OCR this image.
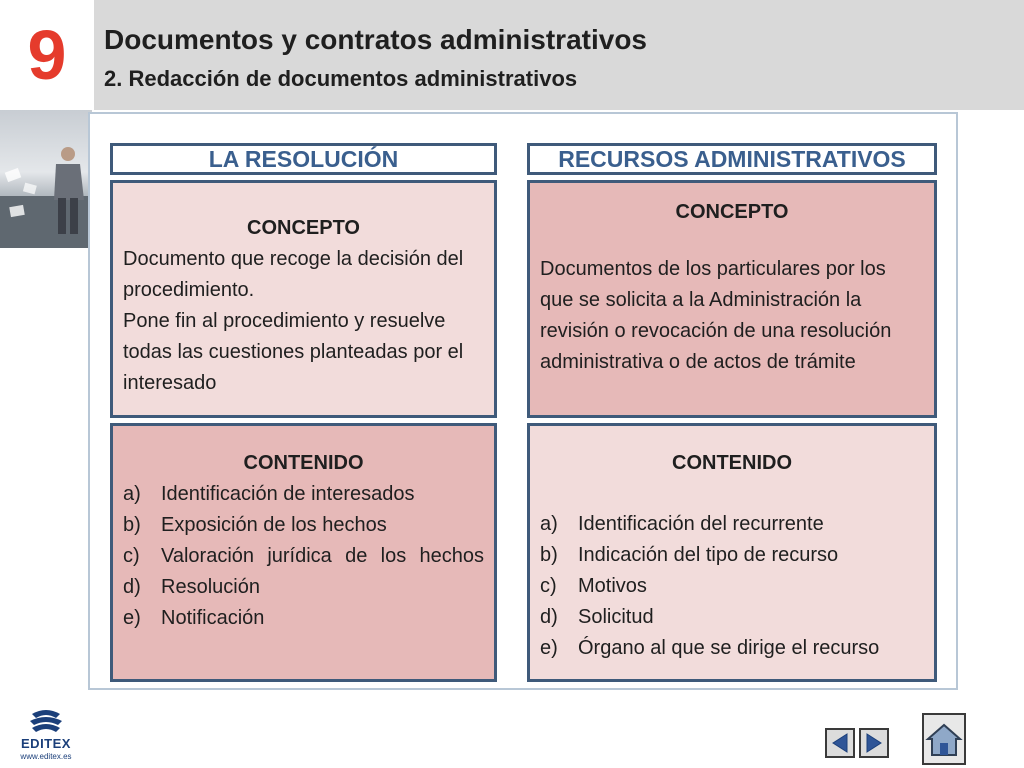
9	Documentos y contratos administrativos
2. Redacción de documentos administrativos
LA RESOLUCIÓN
CONCEPTO

Documento que recoge la decisión del procedimiento.

Pone fin al procedimiento y resuelve todas las cuestiones planteadas por el interesado

CONTENIDO
a)	Identificación de interesados
b)	Exposición de los hechos
c)	Valoración jurídica de los hechos
d)	Resolución
e)	Notificación
RECURSOS ADMINISTRATIVOS
CONCEPTO

Documentos de los particulares por los que se solicita a la Administración la revisión o revocación de una resolución administrativa o de actos de trámite

CONTENIDO
a)	Identificación del recurrente
b)	Indicación del tipo de recurso
c)	Motivos
d)	Solicitud
e)	Órgano al que se dirige el recurso
EDITEX
www.editex.es
